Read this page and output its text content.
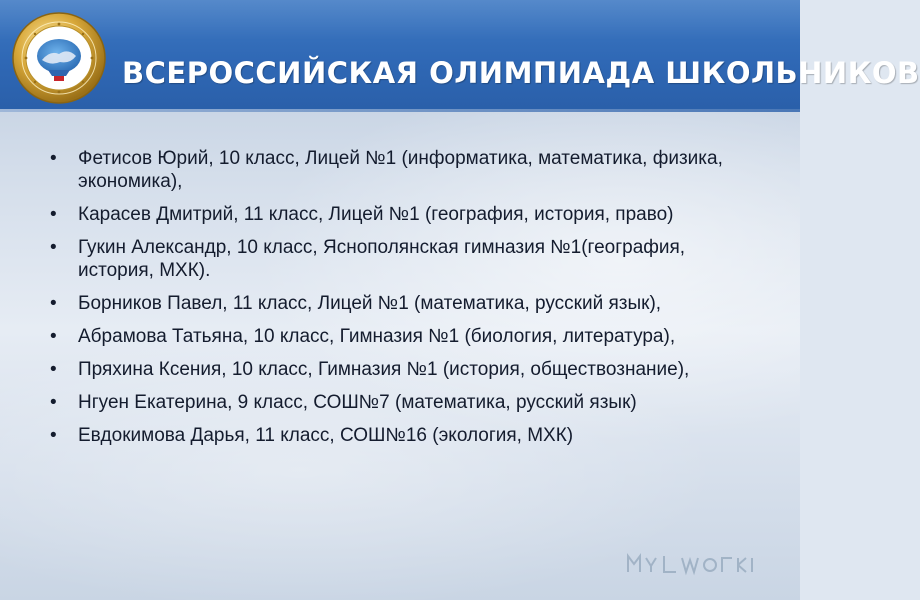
ВСЕРОССИЙСКАЯ ОЛИМПИАДА ШКОЛЬНИКОВ
•	Фетисов Юрий, 10 класс, Лицей №1 (информатика, математика, физика, экономика),
•	Карасев Дмитрий, 11 класс, Лицей №1 (география, история, право)
•	Гукин Александр, 10 класс, Яснополянская гимназия №1(география, история, МХК).
•	Борников Павел, 11 класс, Лицей №1 (математика, русский язык),
•	Абрамова Татьяна, 10 класс, Гимназия №1 (биология, литература),
•	Пряхина Ксения, 10 класс, Гимназия №1 (история, обществознание),
•	Нгуен Екатерина, 9 класс, СОШ№7 (математика, русский язык)
•	Евдокимова Дарья, 11 класс, СОШ№16 (экология, МХК)
